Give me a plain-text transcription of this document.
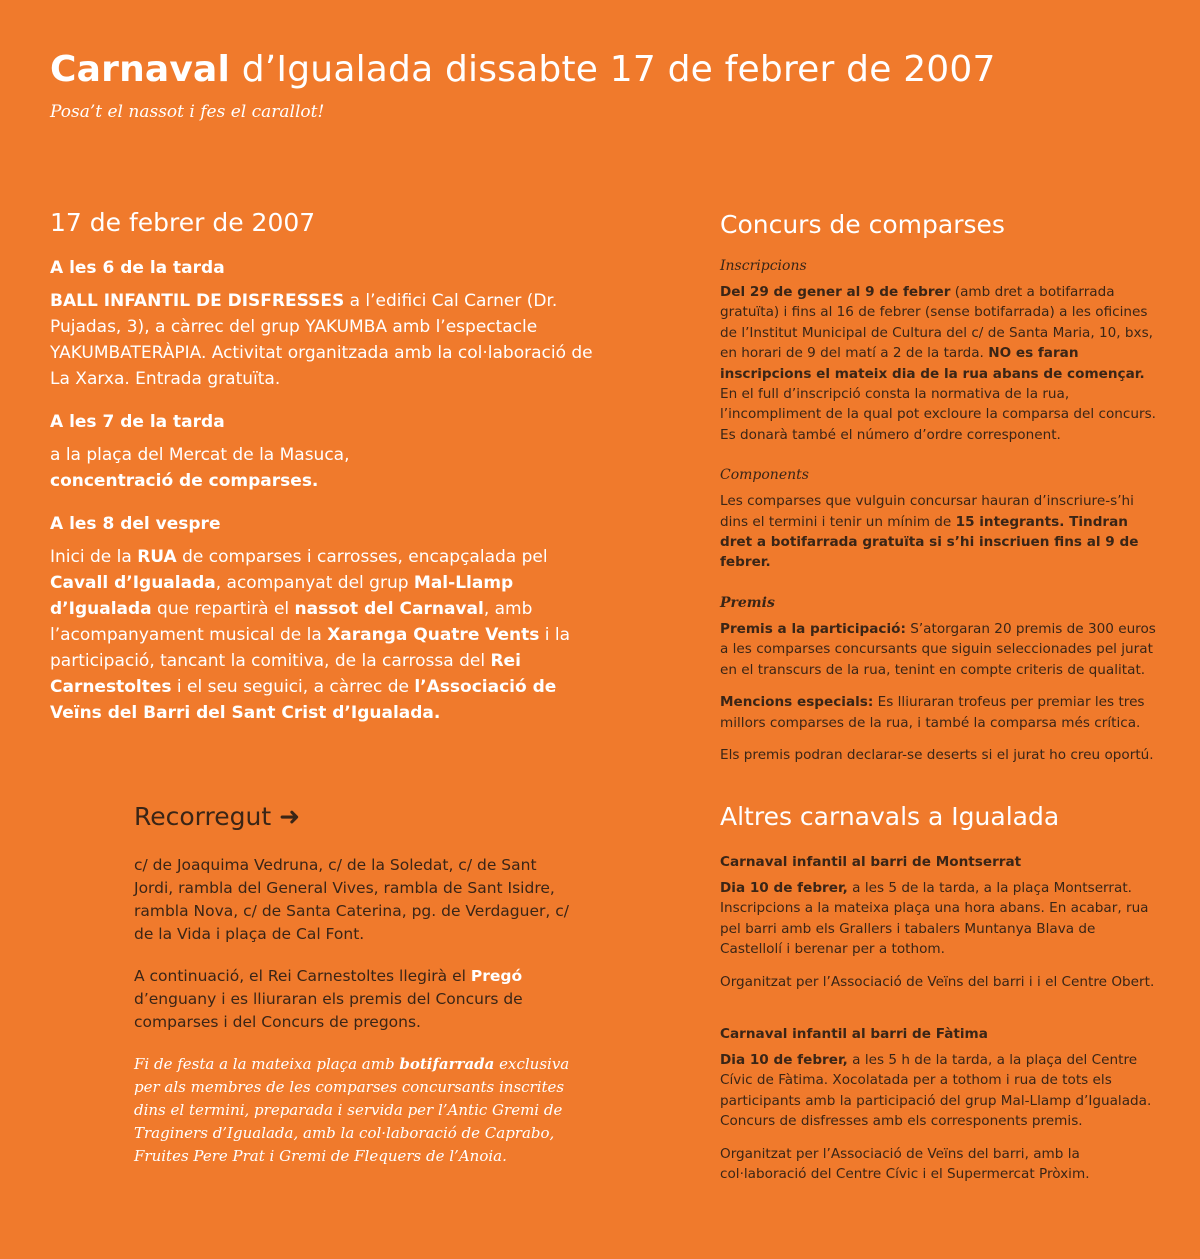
Carnaval d’Igualada dissabte 17 de febrer de 2007
Posa’t el nassot i fes el carallot!
17 de febrer de 2007
A les 6 de la tarda

BALL INFANTIL DE DISFRESSES a l’edifici Cal Carner (Dr. Pujadas, 3), a càrrec del grup YAKUMBA amb l’espectacle YAKUMBATERÀPIA. Activitat organitzada amb la col·laboració de La Xarxa. Entrada gratuïta.

A les 7 de la tarda

a la plaça del Mercat de la Masuca,
concentració de comparses.

A les 8 del vespre

Inici de la RUA de comparses i carrosses, encapçalada pel Cavall d’Igualada, acompanyat del grup Mal-Llamp d’Igualada que repartirà el nassot del Carnaval, amb l’acompanyament musical de la Xaranga Quatre Vents i la participació, tancant la comitiva, de la carrossa del Rei Carnestoltes i el seu seguici, a càrrec de l’Associació de Veïns del Barri del Sant Crist d’Igualada.

Recorregut ➜

c/ de Joaquima Vedruna, c/ de la Soledat, c/ de Sant Jordi, rambla del General Vives, rambla de Sant Isidre, rambla Nova, c/ de Santa Caterina, pg. de Verdaguer, c/ de la Vida i plaça de Cal Font.

A continuació, el Rei Carnestoltes llegirà el Pregó d’enguany i es lliuraran els premis del Concurs de comparses i del Concurs de pregons.

Fi de festa a la mateixa plaça amb botifarrada exclusiva per als membres de les comparses concursants inscrites dins el termini, preparada i servida per l’Antic Gremi de Traginers d’Igualada, amb la col·laboració de Caprabo, Fruites Pere Prat i Gremi de Flequers de l’Anoia.

Concurs de comparses
Inscripcions

Del 29 de gener al 9 de febrer (amb dret a botifarrada gratuïta) i fins al 16 de febrer (sense botifarrada) a les oficines de l’Institut Municipal de Cultura del c/ de Santa Maria, 10, bxs, en horari de 9 del matí a 2 de la tarda. NO es faran inscripcions el mateix dia de la rua abans de començar. En el full d’inscripció consta la normativa de la rua, l’incompliment de la qual pot excloure la comparsa del concurs. Es donarà també el número d’ordre corresponent.

Components

Les comparses que vulguin concursar hauran d’inscriure-s’hi dins el termini i tenir un mínim de 15 integrants. Tindran dret a botifarrada gratuïta si s’hi inscriuen fins al 9 de febrer.

Premis

Premis a la participació: S’atorgaran 20 premis de 300 euros a les comparses concursants que siguin seleccionades pel jurat en el transcurs de la rua, tenint en compte criteris de qualitat.

Mencions especials: Es lliuraran trofeus per premiar les tres millors comparses de la rua, i també la comparsa més crítica.

Els premis podran declarar-se deserts si el jurat ho creu oportú.

Altres carnavals a Igualada
Carnaval infantil al barri de Montserrat

Dia 10 de febrer, a les 5 de la tarda, a la plaça Montserrat. Inscripcions a la mateixa plaça una hora abans. En acabar, rua pel barri amb els Grallers i tabalers Muntanya Blava de Castellolí i berenar per a tothom.

Organitzat per l’Associació de Veïns del barri i i el Centre Obert.

Carnaval infantil al barri de Fàtima

Dia 10 de febrer, a les 5 h de la tarda, a la plaça del Centre Cívic de Fàtima. Xocolatada per a tothom i rua de tots els participants amb la participació del grup Mal-Llamp d’Igualada. Concurs de disfresses amb els corresponents premis.

Organitzat per l’Associació de Veïns del barri, amb la col·laboració del Centre Cívic i el Supermercat Pròxim.
